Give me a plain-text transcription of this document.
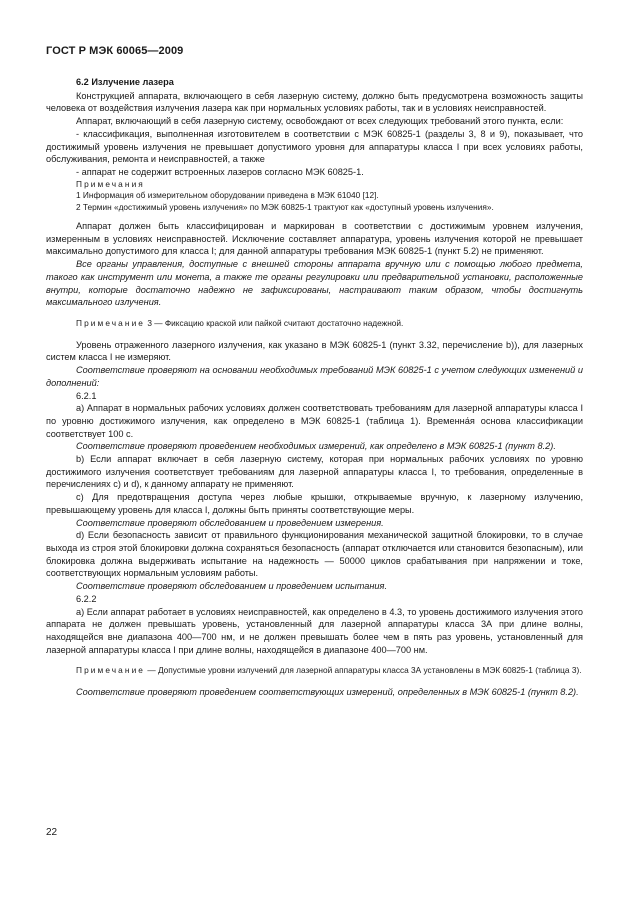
ГОСТ Р МЭК 60065—2009

6.2 Излучение лазера

Конструкцией аппарата, включающего в себя лазерную систему, должно быть предусмотрена возможность защиты человека от воздействия излучения лазера как при нормальных условиях работы, так и в условиях неисправностей.

Аппарат, включающий в себя лазерную систему, освобождают от всех следующих требований этого пункта, если:

- классификация, выполненная изготовителем в соответствии с МЭК 60825-1 (разделы 3, 8 и 9), показывает, что достижимый уровень излучения не превышает допустимого уровня для аппаратуры класса I при всех условиях работы, обслуживания, ремонта и неисправностей, а также

- аппарат не содержит встроенных лазеров согласно МЭК 60825-1.

Примечания

1 Информация об измерительном оборудовании приведена в МЭК 61040 [12].

2 Термин «достижимый уровень излучения» по МЭК 60825-1 трактуют как «доступный уровень излучения».

Аппарат должен быть классифицирован и маркирован в соответствии с достижимым уровнем излучения, измеренным в условиях неисправностей. Исключение составляет аппаратура, уровень излучения которой не превышает максимально допустимого для класса I; для данной аппаратуры требования МЭК 60825-1 (пункт 5.2) не применяют.

Все органы управления, доступные с внешней стороны аппарата вручную или с помощью любого предмета, такого как инструмент или монета, а также те органы регулировки или предварительной установки, расположенные внутри, которые достаточно надежно не зафиксированы, настраивают таким образом, чтобы достигнуть максимального излучения.

Примечание 3 — Фиксацию краской или пайкой считают достаточно надежной.

Уровень отраженного лазерного излучения, как указано в МЭК 60825-1 (пункт 3.32, перечисление b)), для лазерных систем класса I не измеряют.

Соответствие проверяют на основании необходимых требований МЭК 60825-1 с учетом следующих изменений и дополнений:

6.2.1

а) Аппарат в нормальных рабочих условиях должен соответствовать требованиям для лазерной аппаратуры класса I по уровню достижимого излучения, как определено в МЭК 60825-1 (таблица 1). Временна́я основа классификации соответствует 100 с.

Соответствие проверяют проведением необходимых измерений, как определено в МЭК 60825-1 (пункт 8.2).

b) Если аппарат включает в себя лазерную систему, которая при нормальных рабочих условиях по уровню достижимого излучения соответствует требованиям для лазерной аппаратуры класса I, то требования, определенные в перечислениях с) и d), к данному аппарату не применяют.

с) Для предотвращения доступа через любые крышки, открываемые вручную, к лазерному излучению, превышающему уровень для класса I, должны быть приняты соответствующие меры.

Соответствие проверяют обследованием и проведением измерения.

d) Если безопасность зависит от правильного функционирования механической защитной блокировки, то в случае выхода из строя этой блокировки должна сохраняться безопасность (аппарат отключается или становится безопасным), или блокировка должна выдерживать испытание на надежность — 50000 циклов срабатывания при напряжении и токе, соответствующих нормальным условиям работы.

Соответствие проверяют обследованием и проведением испытания.

6.2.2

а) Если аппарат работает в условиях неисправностей, как определено в 4.3, то уровень достижимого излучения этого аппарата не должен превышать уровень, установленный для лазерной аппаратуры класса 3А при длине волны, находящейся вне диапазона 400—700 нм, и не должен превышать более чем в пять раз уровень, установленный для лазерной аппаратуры класса I при длине волны, находящейся в диапазоне 400—700 нм.

Примечание — Допустимые уровни излучений для лазерной аппаратуры класса 3А установлены в МЭК 60825-1 (таблица 3).

Соответствие проверяют проведением соответствующих измерений, определенных в МЭК 60825-1 (пункт 8.2).

22
